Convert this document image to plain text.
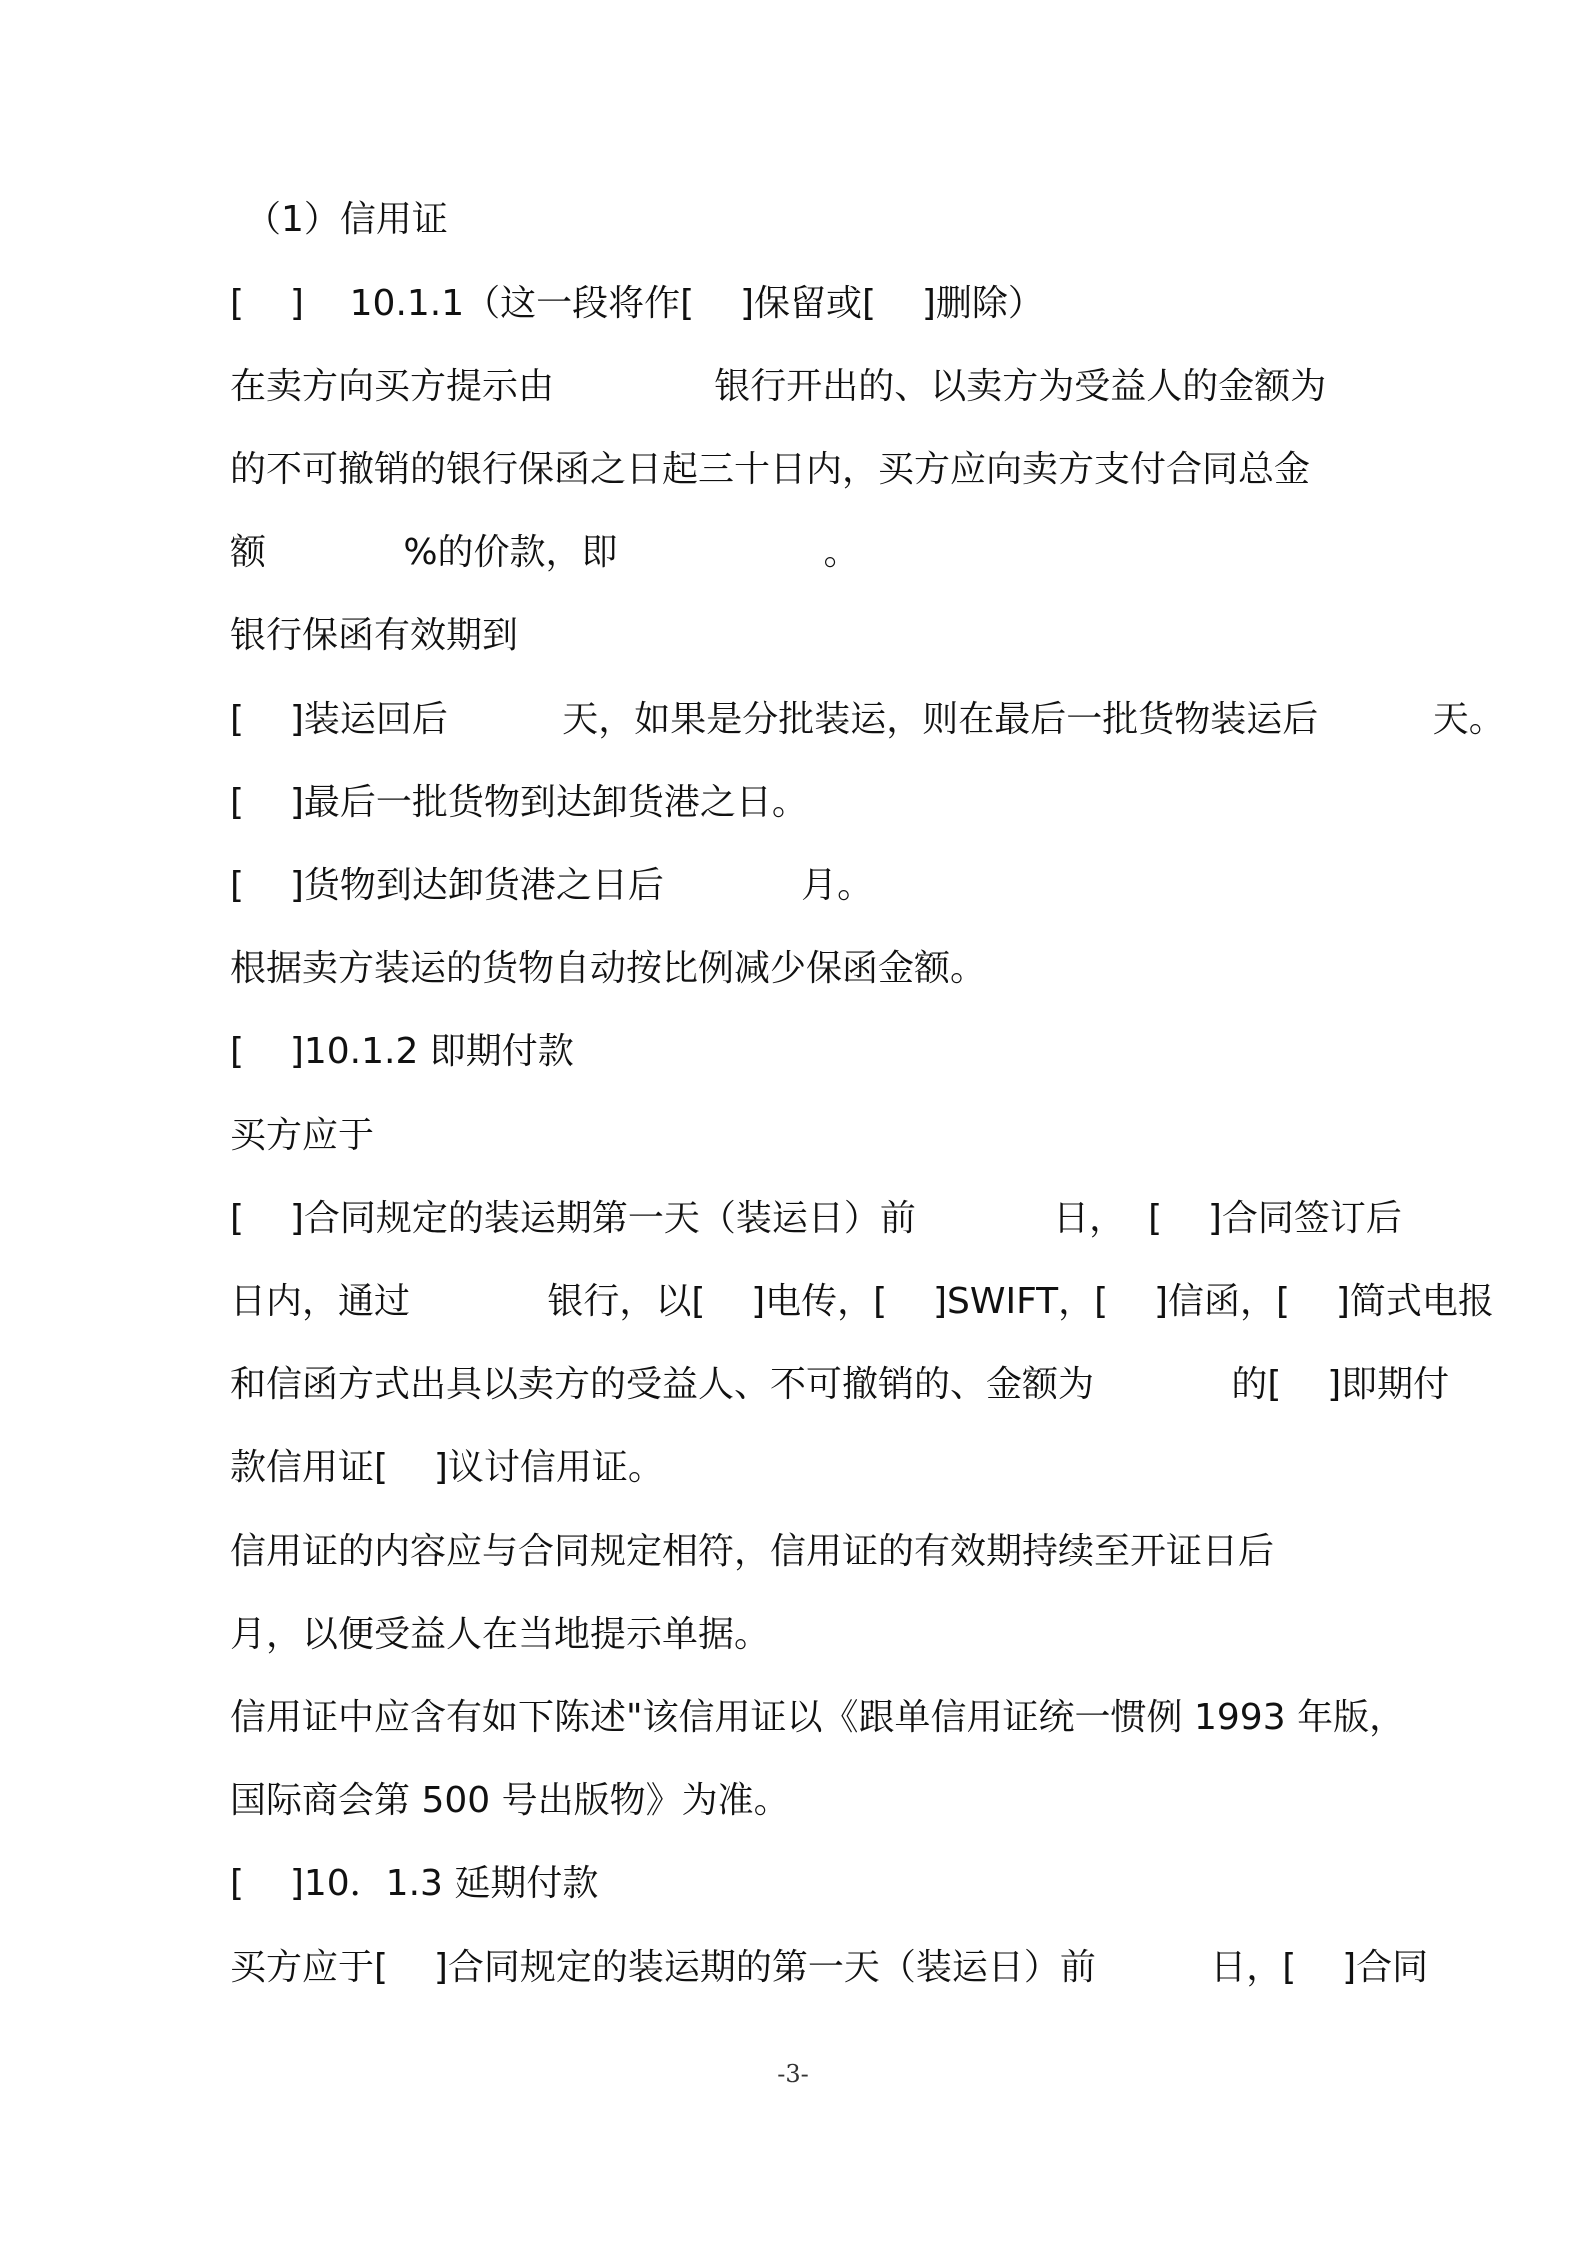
（1）信用证
[    ]    10.1.1（这一段将作[    ]保留或[    ]删除）
在卖方向买方提示由              银行开出的、以卖方为受益人的金额为
的不可撤销的银行保函之日起三十日内，买方应向卖方支付合同总金
额            %的价款，即                  。
银行保函有效期到
[    ]装运回后          天，如果是分批装运，则在最后一批货物装运后          天。
[    ]最后一批货物到达卸货港之日。
[    ]货物到达卸货港之日后            月。
根据卖方装运的货物自动按比例减少保函金额。
[    ]10.1.2 即期付款
买方应于
[    ]合同规定的装运期第一天（装运日）前            日，  [    ]合同签订后
日内，通过            银行，以[    ]电传，[    ]SWIFT，[    ]信函，[    ]简式电报
和信函方式出具以卖方的受益人、不可撤销的、金额为            的[    ]即期付
款信用证[    ]议讨信用证。
信用证的内容应与合同规定相符，信用证的有效期持续至开证日后
月，以便受益人在当地提示单据。
信用证中应含有如下陈述"该信用证以《跟单信用证统一惯例 1993 年版，
国际商会第 500 号出版物》为准。
[    ]10．1.3 延期付款
买方应于[    ]合同规定的装运期的第一天（装运日）前          日，[    ]合同
-3-
